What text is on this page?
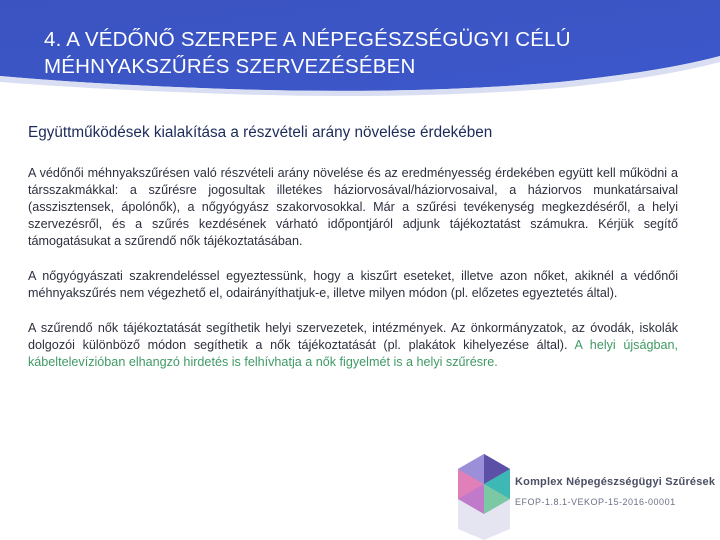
4. A VÉDŐNŐ SZEREPE A NÉPEGÉSZSÉGÜGYI CÉLÚ
MÉHNYAKSZŰRÉS SZERVEZÉSÉBEN
Együttműködések kialakítása a részvételi arány növelése érdekében

A védőnői méhnyakszűrésen való részvételi arány növelése és az eredményesség érdekében együtt kell működni a társszakmákkal: a szűrésre jogosultak illetékes háziorvosával/háziorvosaival, a háziorvos munkatársaival (asszisztensek, ápolónők), a nőgyógyász szakorvosokkal. Már a szűrési tevékenység megkezdéséről, a helyi szervezésről, és a szűrés kezdésének várható időpontjáról adjunk tájékoztatást számukra. Kérjük segítő támogatásukat a szűrendő nők tájékoztatásában.

A nőgyógyászati szakrendeléssel egyeztessünk, hogy a kiszűrt eseteket, illetve azon nőket, akiknél a védőnői méhnyakszűrés nem végezhető el, odairányíthatjuk-e, illetve milyen módon (pl. előzetes egyeztetés által).

A szűrendő nők tájékoztatását segíthetik helyi szervezetek, intézmények. Az önkormányzatok, az óvodák, iskolák dolgozói különböző módon segíthetik a nők tájékoztatását (pl. plakátok kihelyezése által). A helyi újságban, kábeltelevízióban elhangzó hirdetés is felhívhatja a nők figyelmét is a helyi szűrésre.

Komplex Népegészségügyi Szűrések
EFOP-1.8.1-VEKOP-15-2016-00001
